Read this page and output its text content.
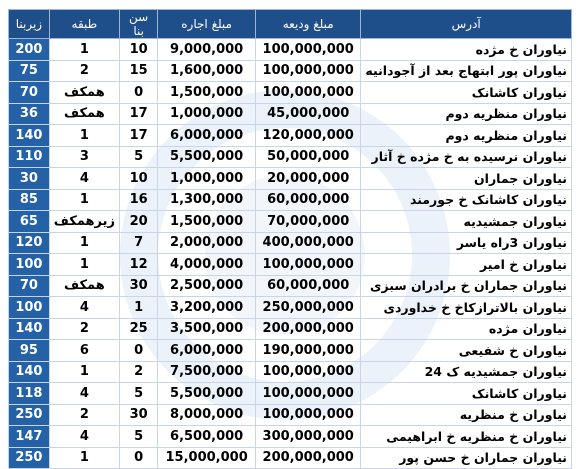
آدرس	مبلغ ودیعه	مبلغ اجاره	سن بنا	طبقه	زیربنا
نیاوران خ مژده	100,000,000	9,000,000	10	1	200
نیاوران پور ابتهاج بعد از آجودانیه	100,000,000	1,600,000	15	2	75
نیاوران کاشانک	100,000,000	1,500,000	0	همکف	70
نیاوران منظریه دوم	45,000,000	1,000,000	17	همکف	36
نیاوران منظریه دوم	120,000,000	6,000,000	17	1	140
نیاوران نرسیده به خ مژده خ آثار	50,000,000	5,500,000	5	3	110
نیاوران جماران	20,000,000	1,000,000	10	4	30
نیاوران کاشانک خ جورمند	60,000,000	1,300,000	16	1	85
نیاوران جمشیدیه	70,000,000	1,500,000	20	زیرهمکف	65
نیاوران 3راه یاسر	400,000,000	2,000,000	7	1	120
نیاوران خ امیر	100,000,000	4,000,000	12	1	100
نیاوران جماران خ برادران سبزی	60,000,000	2,500,000	30	همکف	70
نیاوران بالاترازکاخ خ خداوردی	250,000,000	3,200,000	1	4	100
نیاوران مژده	200,000,000	3,500,000	25	2	140
نیاوران خ شفیعی	190,000,000	6,000,000	0	6	95
نیاوران جمشیدیه ک 24	100,000,000	7,500,000	2	1	140
نیاوران کاشانک	100,000,000	5,500,000	5	4	118
نیاوران خ منظریه	100,000,000	8,000,000	30	2	250
نیاوران خ منظریه خ ابراهیمی	300,000,000	6,500,000	5	4	147
نیاوران جماران خ حسن پور	200,000,000	15,000,000	0	1	250
